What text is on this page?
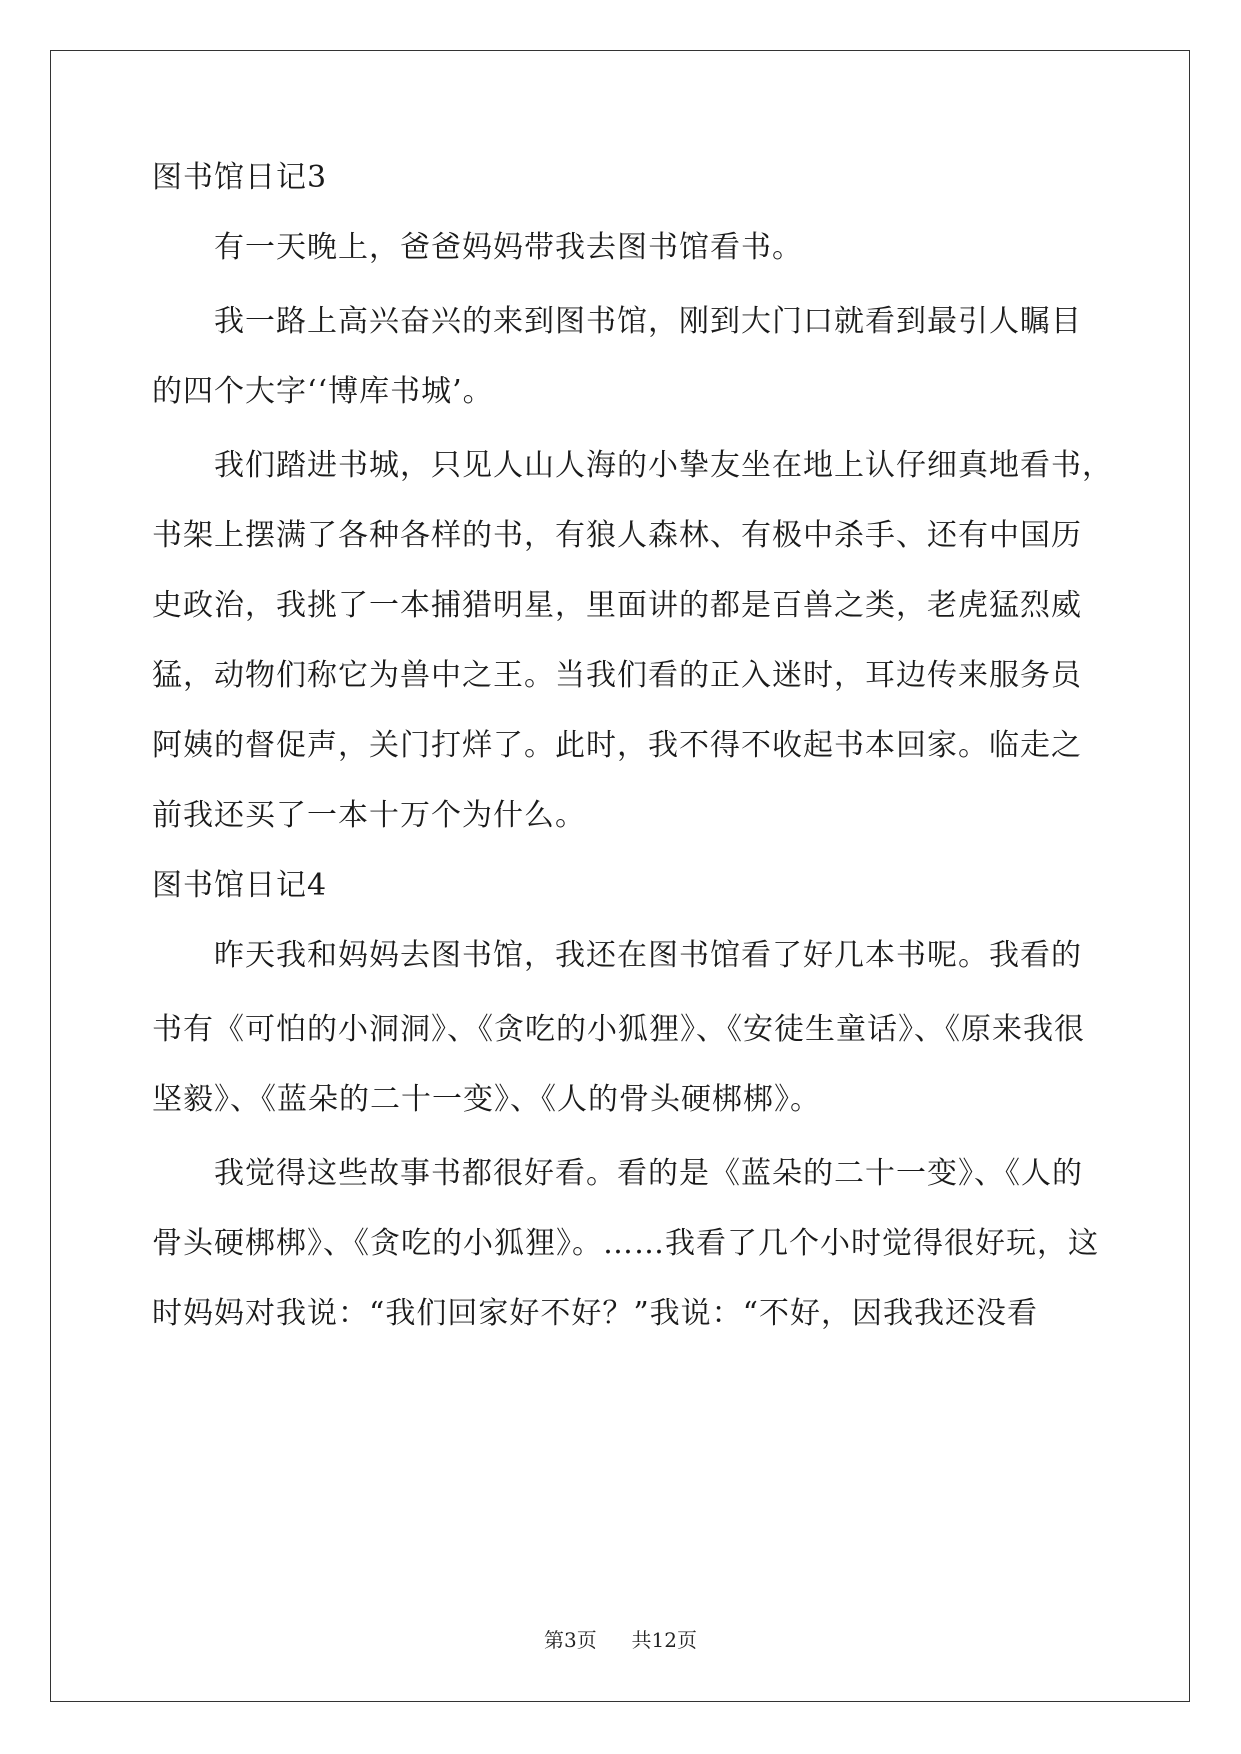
图书馆日记3
有一天晚上，爸爸妈妈带我去图书馆看书。
我一路上高兴奋兴的来到图书馆，刚到大门口就看到最引人瞩目
的四个大字‘‘博库书城’。
我们踏进书城，只见人山人海的小挚友坐在地上认仔细真地看书，
书架上摆满了各种各样的书，有狼人森林、有极中杀手、还有中国历
史政治，我挑了一本捕猎明星，里面讲的都是百兽之类，老虎猛烈威
猛，动物们称它为兽中之王。当我们看的正入迷时，耳边传来服务员
阿姨的督促声，关门打烊了。此时，我不得不收起书本回家。临走之
前我还买了一本十万个为什么。
图书馆日记4
昨天我和妈妈去图书馆，我还在图书馆看了好几本书呢。我看的
书有《可怕的小洞洞》、《贪吃的小狐狸》、《安徒生童话》、《原来我很
坚毅》、《蓝朵的二十一变》、《人的骨头硬梆梆》。
我觉得这些故事书都很好看。看的是《蓝朵的二十一变》、《人的
骨头硬梆梆》、《贪吃的小狐狸》。……我看了几个小时觉得很好玩，这
时妈妈对我说：“我们回家好不好？”我说：“不好，因我我还没看
第3页 共12页
